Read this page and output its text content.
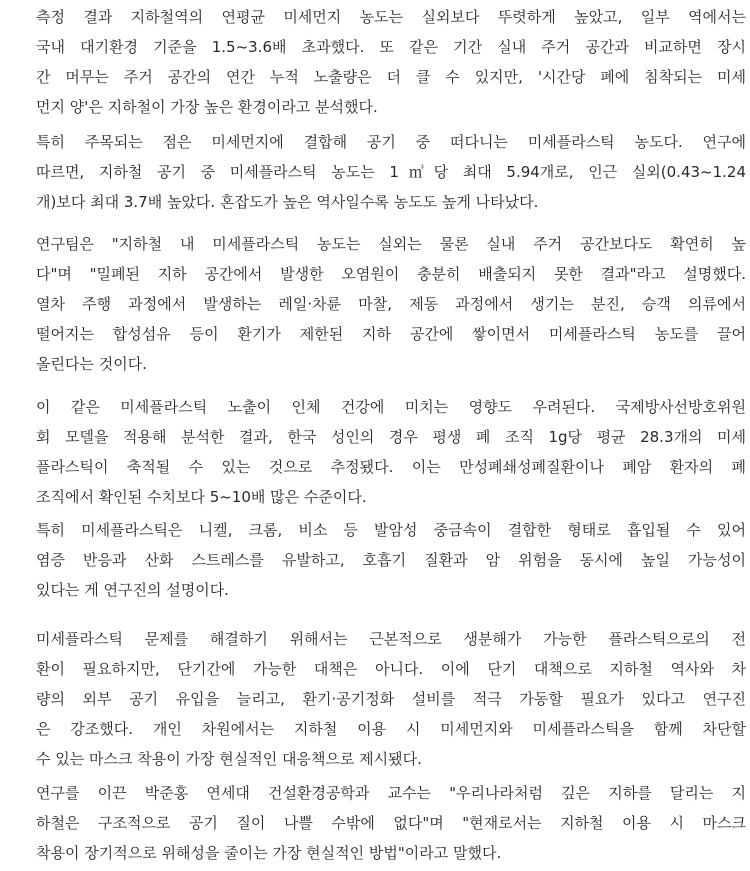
측정 결과 지하철역의 연평균 미세먼지 농도는 실외보다 뚜렷하게 높았고, 일부 역에서는
국내 대기환경 기준을 1.5~3.6배 초과했다. 또 같은 기간 실내 주거 공간과 비교하면 장시
간 머무는 주거 공간의 연간 누적 노출량은 더 클 수 있지만, '시간당 폐에 침착되는 미세
먼지 양'은 지하철이 가장 높은 환경이라고 분석했다.

특히 주목되는 점은 미세먼지에 결합해 공기 중 떠다니는 미세플라스틱 농도다. 연구에
따르면, 지하철 공기 중 미세플라스틱 농도는 1㎥당 최대 5.94개로, 인근 실외(0.43~1.24
개)보다 최대 3.7배 높았다. 혼잡도가 높은 역사일수록 농도도 높게 나타났다.

연구팀은 "지하철 내 미세플라스틱 농도는 실외는 물론 실내 주거 공간보다도 확연히 높
다"며 "밀폐된 지하 공간에서 발생한 오염원이 충분히 배출되지 못한 결과"라고 설명했다.
열차 주행 과정에서 발생하는 레일·차륜 마찰, 제동 과정에서 생기는 분진, 승객 의류에서
떨어지는 합성섬유 등이 환기가 제한된 지하 공간에 쌓이면서 미세플라스틱 농도를 끌어
올린다는 것이다.

이 같은 미세플라스틱 노출이 인체 건강에 미치는 영향도 우려된다. 국제방사선방호위원
회 모델을 적용해 분석한 결과, 한국 성인의 경우 평생 폐 조직 1g당 평균 28.3개의 미세
플라스틱이 축적될 수 있는 것으로 추정됐다. 이는 만성폐쇄성폐질환이나 폐암 환자의 폐
조직에서 확인된 수치보다 5~10배 많은 수준이다.

특히 미세플라스틱은 니켈, 크롬, 비소 등 발암성 중금속이 결합한 형태로 흡입될 수 있어
염증 반응과 산화 스트레스를 유발하고, 호흡기 질환과 암 위험을 동시에 높일 가능성이
있다는 게 연구진의 설명이다.

미세플라스틱 문제를 해결하기 위해서는 근본적으로 생분해가 가능한 플라스틱으로의 전
환이 필요하지만, 단기간에 가능한 대책은 아니다. 이에 단기 대책으로 지하철 역사와 차
량의 외부 공기 유입을 늘리고, 환기·공기정화 설비를 적극 가동할 필요가 있다고 연구진
은 강조했다. 개인 차원에서는 지하철 이용 시 미세먼지와 미세플라스틱을 함께 차단할
수 있는 마스크 착용이 가장 현실적인 대응책으로 제시됐다.

연구를 이끈 박준홍 연세대 건설환경공학과 교수는 "우리나라처럼 깊은 지하를 달리는 지
하철은 구조적으로 공기 질이 나쁠 수밖에 없다"며 "현재로서는 지하철 이용 시 마스크
착용이 장기적으로 위해성을 줄이는 가장 현실적인 방법"이라고 말했다.
